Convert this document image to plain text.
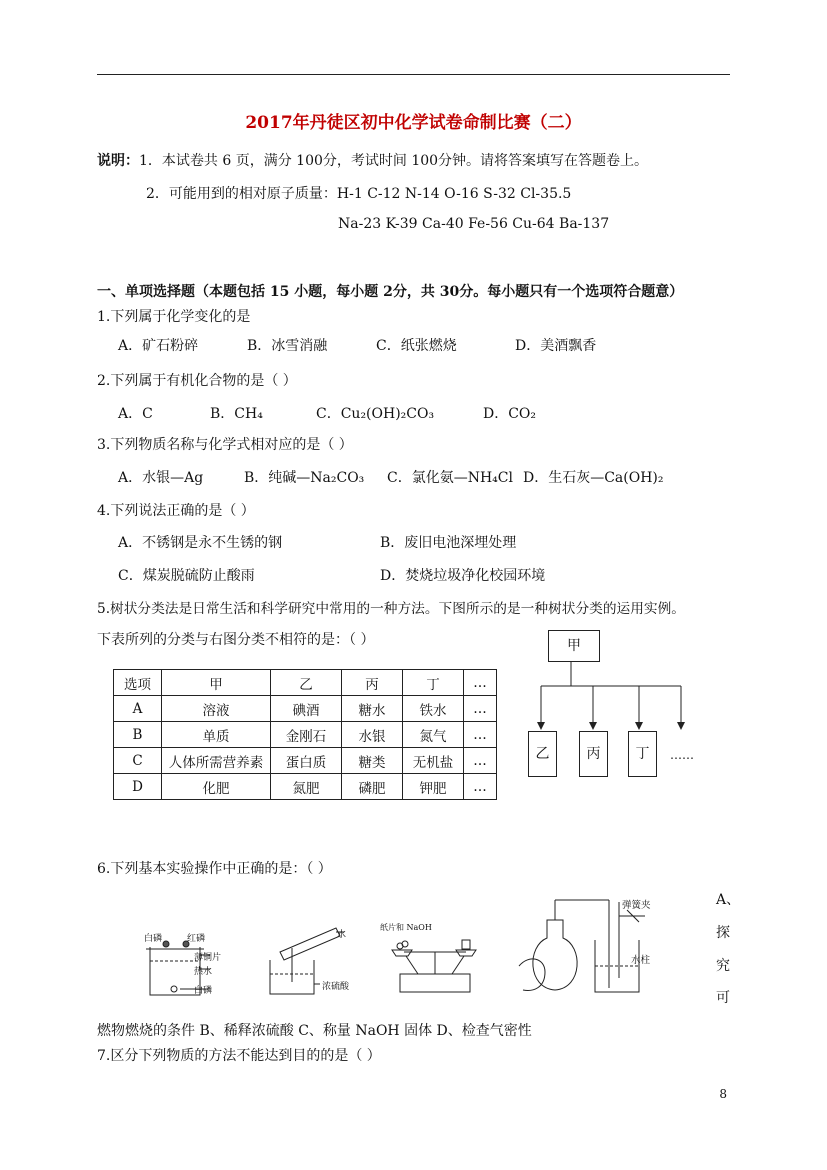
2017年丹徒区初中化学试卷命制比赛（二）
说明：1．本试卷共 6 页，满分 100分，考试时间 100分钟。请将答案填写在答题卷上。
2．可能用到的相对原子质量：H-1 C-12 N-14 O-16 S-32 Cl-35.5
Na-23 K-39 Ca-40 Fe-56 Cu-64 Ba-137
一、单项选择题（本题包括 15 小题，每小题 2分，共 30分。每小题只有一个选项符合题意）
1.下列属于化学变化的是
A．矿石粉碎	B．冰雪消融	C．纸张燃烧	D．美酒飘香
2.下列属于有机化合物的是（ ）
A．C	B．CH₄	C．Cu₂(OH)₂CO₃	D．CO₂
3.下列物质名称与化学式相对应的是（ ）
A．水银—Ag	B．纯碱—Na₂CO₃ C．氯化氨—NH₄Cl D．生石灰—Ca(OH)₂
4.下列说法正确的是（ ）
A．不锈钢是永不生锈的钢	B．废旧电池深埋处理
C．煤炭脱硫防止酸雨	D．焚烧垃圾净化校园环境
5.树状分类法是日常生活和科学研究中常用的一种方法。下图所示的是一种树状分类的运用实例。
下表所列的分类与右图分类不相符的是：（ ）
选项	甲	乙	丙	丁	…
A	溶液	碘酒	糖水	铁水	…
B	单质	金刚石	水银	氮气	…
C	人体所需营养素	蛋白质	糖类	无机盐	…
D	化肥	氮肥	磷肥	钾肥	…
甲
乙	丙	丁	……
6.下列基本实验操作中正确的是：（ ）
A、
探
究
可
白磷	红磷
薄铜片
热水
白磷
水
浓硫酸
纸片和 NaOH
弹簧夹
水柱
燃物燃烧的条件 B、稀释浓硫酸 C、称量 NaOH 固体 D、检查气密性
7.区分下列物质的方法不能达到目的的是（ ）
8
